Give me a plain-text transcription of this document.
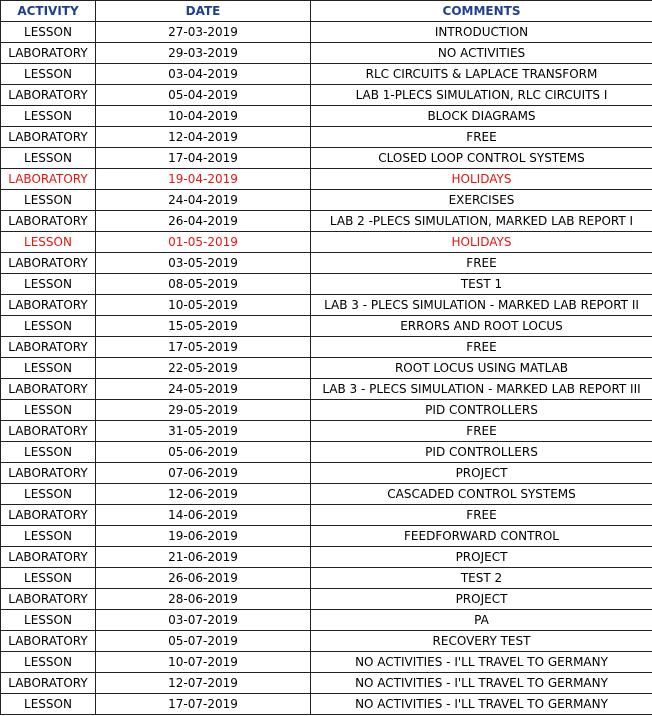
ACTIVITY	DATE	COMMENTS
LESSON	27-03-2019	INTRODUCTION
LABORATORY	29-03-2019	NO ACTIVITIES
LESSON	03-04-2019	RLC CIRCUITS & LAPLACE TRANSFORM
LABORATORY	05-04-2019	LAB 1-PLECS SIMULATION, RLC CIRCUITS I
LESSON	10-04-2019	BLOCK DIAGRAMS
LABORATORY	12-04-2019	FREE
LESSON	17-04-2019	CLOSED LOOP CONTROL SYSTEMS
LABORATORY	19-04-2019	HOLIDAYS
LESSON	24-04-2019	EXERCISES
LABORATORY	26-04-2019	LAB 2 -PLECS SIMULATION, MARKED LAB REPORT I
LESSON	01-05-2019	HOLIDAYS
LABORATORY	03-05-2019	FREE
LESSON	08-05-2019	TEST 1
LABORATORY	10-05-2019	LAB 3 - PLECS SIMULATION - MARKED LAB REPORT II
LESSON	15-05-2019	ERRORS AND ROOT LOCUS
LABORATORY	17-05-2019	FREE
LESSON	22-05-2019	ROOT LOCUS USING MATLAB
LABORATORY	24-05-2019	LAB 3 - PLECS SIMULATION - MARKED LAB REPORT III
LESSON	29-05-2019	PID CONTROLLERS
LABORATORY	31-05-2019	FREE
LESSON	05-06-2019	PID CONTROLLERS
LABORATORY	07-06-2019	PROJECT
LESSON	12-06-2019	CASCADED CONTROL SYSTEMS
LABORATORY	14-06-2019	FREE
LESSON	19-06-2019	FEEDFORWARD CONTROL
LABORATORY	21-06-2019	PROJECT
LESSON	26-06-2019	TEST 2
LABORATORY	28-06-2019	PROJECT
LESSON	03-07-2019	PA
LABORATORY	05-07-2019	RECOVERY TEST
LESSON	10-07-2019	NO ACTIVITIES - I'LL TRAVEL TO GERMANY
LABORATORY	12-07-2019	NO ACTIVITIES - I'LL TRAVEL TO GERMANY
LESSON	17-07-2019	NO ACTIVITIES - I'LL TRAVEL TO GERMANY
